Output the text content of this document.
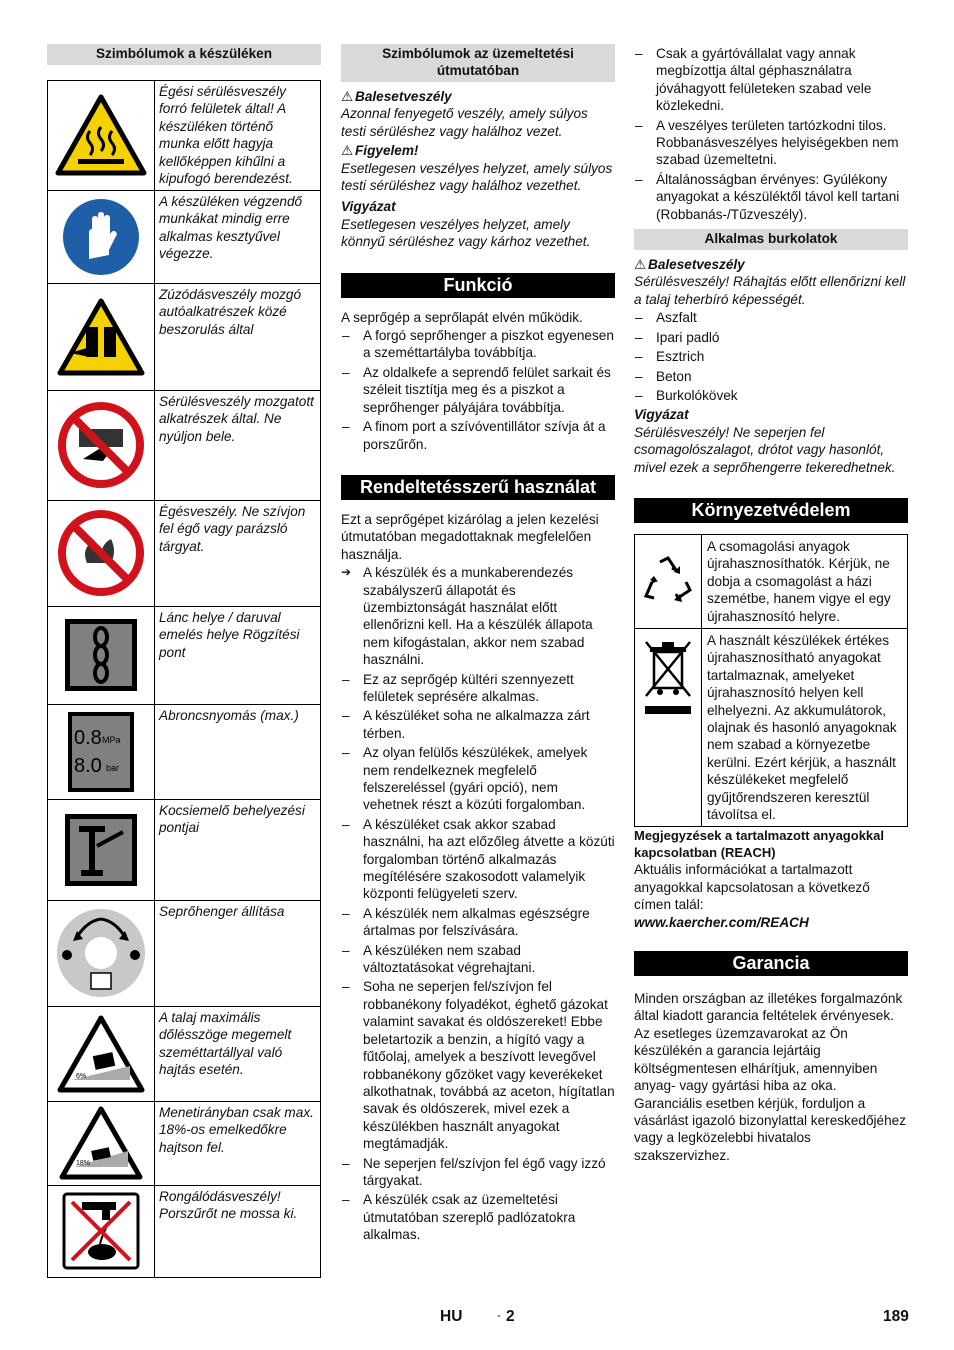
Szimbólumok a készüléken
	Égési sérülésveszély forró felületek által! A készüléken történő munka előtt hagyja kellőképpen kihűlni a kipufogó berendezést.

	A készüléken végzendő munkákat mindig erre alkalmas kesztyűvel végezze.

	Zúzódásveszély mozgó autóalkatrészek közé beszorulás által

	Sérülésveszély mozgatott alkatrészek által. Ne nyúljon bele.

	Égésveszély. Ne szívjon fel égő vagy parázsló tárgyat.

	Lánc helye / daruval emelés helye Rögzítési pont

0.8 MPa
8.0 bar	Abroncsnyomás (max.)

	Kocsiemelő behelyezési pontjai

	Seprőhenger állítása

6%	A talaj maximális dőlésszöge megemelt szeméttartállyal való hajtás esetén.

18%	Menetirányban csak max. 18%-os emelkedőkre hajtson fel.

	Rongálódásveszély! Porszűrőt ne mossa ki.
Szimbólumok az üzemeltetési útmutatóban

⚠ Balesetveszély

Azonnal fenyegető veszély, amely súlyos testi sérüléshez vagy halálhoz vezet.

⚠ Figyelem!

Esetlegesen veszélyes helyzet, amely súlyos testi sérüléshez vagy halálhoz vezethet.

Vigyázat

Esetlegesen veszélyes helyzet, amely könnyű sérüléshez vagy kárhoz vezethet.

Funkció

A seprőgép a seprőlapát elvén működik.

– A forgó seprőhenger a piszkot egyenesen a szeméttartályba továbbítja.
– Az oldalkefe a seprendő felület sarkait és széleit tisztítja meg és a piszkot a seprőhenger pályájára továbbítja.
– A finom port a szívóventillátor szívja át a porszűrőn.
Rendeltetésszerű használat

Ezt a seprőgépet kizárólag a jelen kezelési útmutatóban megadottaknak megfelelően használja.

➔ A készülék és a munkaberendezés szabályszerű állapotát és üzembiztonságát használat előtt ellenőrizni kell. Ha a készülék állapota nem kifogástalan, akkor nem szabad használni.
– Ez az seprőgép kültéri szennyezett felületek seprésére alkalmas.
– A készüléket soha ne alkalmazza zárt térben.
– Az olyan felülős készülékek, amelyek nem rendelkeznek megfelelő felszereléssel (gyári opció), nem vehetnek részt a közúti forgalomban.
– A készüléket csak akkor szabad használni, ha azt előzőleg átvette a közúti forgalomban történő alkalmazás megítélésére szakosodott valamelyik központi felügyeleti szerv.
– A készülék nem alkalmas egészségre ártalmas por felszívására.
– A készüléken nem szabad változtatásokat végrehajtani.
– Soha ne seperjen fel/szívjon fel robbanékony folyadékot, éghető gázokat valamint savakat és oldószereket! Ebbe beletartozik a benzin, a hígító vagy a fűtőolaj, amelyek a beszívott levegővel robbanékony gőzöket vagy keverékeket alkothatnak, továbbá az aceton, hígítatlan savak és oldószerek, mivel ezek a készülékben használt anyagokat megtámadják.
– Ne seperjen fel/szívjon fel égő vagy izzó tárgyakat.
– A készülék csak az üzemeltetési útmutatóban szereplő padlózatokra alkalmas.
– Csak a gyártóvállalat vagy annak megbízottja által géphasználatra jóváhagyott felületeken szabad vele közlekedni.
– A veszélyes területen tartózkodni tilos. Robbanásveszélyes helyiségekben nem szabad üzemeltetni.
– Általánosságban érvényes: Gyúlékony anyagokat a készüléktől távol kell tartani (Robbanás-/Tűzveszély).
Alkalmas burkolatok

⚠ Balesetveszély

Sérülésveszély! Ráhajtás előtt ellenőrizni kell a talaj teherbíró képességét.

– Aszfalt
– Ipari padló
– Esztrich
– Beton
– Burkolókövek

Vigyázat

Sérülésveszély! Ne seperjen fel csomagolószalagot, drótot vagy hasonlót, mivel ezek a seprőhengerre tekeredhetnek.

Környezetvédelem
	A csomagolási anyagok újrahasznosíthatók. Kérjük, ne dobja a csomagolást a házi szemétbe, hanem vigye el egy újrahasznosító helyre.

	A használt készülékek értékes újrahasznosítható anyagokat tartalmaznak, amelyeket újrahasznosító helyen kell elhelyezni. Az akkumulátorok, olajnak és hasonló anyagoknak nem szabad a környezetbe kerülni. Ezért kérjük, a használt készülékeket megfelelő gyűjtőrendszeren keresztül távolítsa el.

Megjegyzések a tartalmazott anyagokkal kapcsolatban (REACH)

Aktuális információkat a tartalmazott anyagokkal kapcsolatosan a következő címen talál:

www.kaercher.com/REACH

Garancia

Minden országban az illetékes forgalmazónk által kiadott garancia feltételek érvényesek. Az esetleges üzemzavarokat az Ön készülékén a garancia lejártáig költségmentesen elhárítjuk, amennyiben anyag- vagy gyártási hiba az oka. Garanciális esetben kérjük, forduljon a vásárlást igazoló bizonylattal kereskedőjéhez vagy a legközelebbi hivatalos szakszervizhez.

HU	- 2	189
